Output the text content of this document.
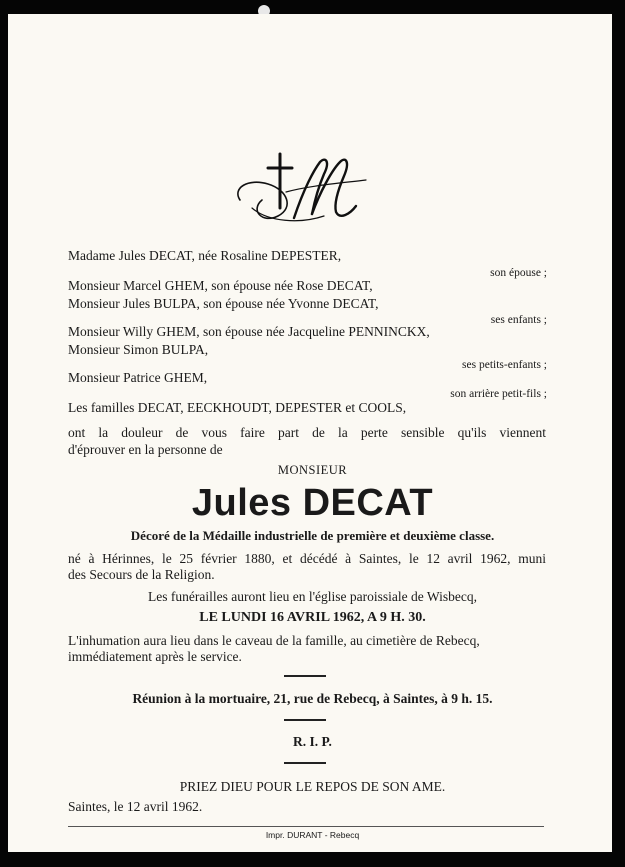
Madame Jules DECAT, née Rosaline DEPESTER,
son épouse ;
Monsieur Marcel GHEM, son épouse née Rose DECAT,
Monsieur Jules BULPA, son épouse née Yvonne DECAT,
ses enfants ;
Monsieur Willy GHEM, son épouse née Jacqueline PENNINCKX,
Monsieur Simon BULPA,
ses petits-enfants ;
Monsieur Patrice GHEM,
son arrière petit-fils ;
Les familles DECAT, EECKHOUDT, DEPESTER et COOLS,
ont la douleur de vous faire part de la perte sensible qu'ils viennent
d'éprouver en la personne de
MONSIEUR
Jules DECAT
Décoré de la Médaille industrielle de première et deuxième classe.
né à Hérinnes, le 25 février 1880, et décédé à Saintes, le 12 avril 1962, muni
des Secours de la Religion.
Les funérailles auront lieu en l'église paroissiale de Wisbecq,
LE LUNDI 16 AVRIL 1962, A 9 H. 30.
L'inhumation aura lieu dans le caveau de la famille, au cimetière de Rebecq,
immédiatement après le service.
Réunion à la mortuaire, 21, rue de Rebecq, à Saintes, à 9 h. 15.
R. I. P.
PRIEZ DIEU POUR LE REPOS DE SON AME.
Saintes, le 12 avril 1962.
Impr. DURANT - Rebecq
